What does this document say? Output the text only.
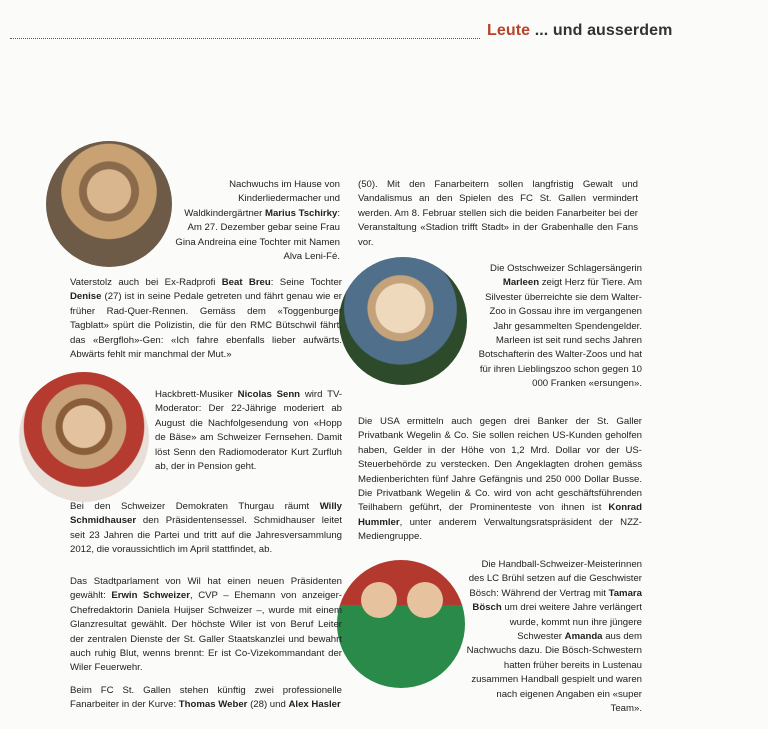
Leute ... und ausserdem
Nachwuchs im Hause von Kinderliedermacher und Waldkindergärtner Marius Tschirky: Am 27. Dezember gebar seine Frau Gina Andreina eine Tochter mit Namen Alva Leni-Fé.
Vaterstolz auch bei Ex-Radprofi Beat Breu: Seine Tochter Denise (27) ist in seine Pedale getreten und fährt genau wie er früher Rad-Quer-Rennen. Gemäss dem «Toggenburger Tagblatt» spürt die Polizistin, die für den RMC Bütschwil fährt, das «Bergfloh»-Gen: «Ich fahre ebenfalls lieber aufwärts. Abwärts fehlt mir manchmal der Mut.»
Hackbrett-Musiker Nicolas Senn wird TV-Moderator: Der 22-Jährige moderiert ab August die Nachfolgesendung von «Hopp de Bäse» am Schweizer Fernsehen. Damit löst Senn den Radiomoderator Kurt Zurfluh ab, der in Pension geht.
Bei den Schweizer Demokraten Thurgau räumt Willy Schmidhauser den Präsidentensessel. Schmidhauser leitet seit 23 Jahren die Partei und tritt auf die Jahresversammlung 2012, die voraussichtlich im April stattfindet, ab.
Das Stadtparlament von Wil hat einen neuen Präsidenten gewählt: Erwin Schweizer, CVP – Ehemann von anzeiger-Chefredaktorin Daniela Huijser Schweizer –, wurde mit einem Glanzresultat gewählt. Der höchste Wiler ist von Beruf Leiter der zentralen Dienste der St. Galler Staatskanzlei und bewahrt auch ruhig Blut, wenns brennt: Er ist Co-Vizekommandant der Wiler Feuerwehr.
Beim FC St. Gallen stehen künftig zwei professionelle Fanarbeiter in der Kurve: Thomas Weber (28) und Alex Hasler
(50). Mit den Fanarbeitern sollen langfristig Gewalt und Vandalismus an den Spielen des FC St. Gallen vermindert werden. Am 8. Februar stellen sich die beiden Fanarbeiter bei der Veranstaltung «Stadion trifft Stadt» in der Grabenhalle den Fans vor.
Die Ostschweizer Schlagersängerin Marleen zeigt Herz für Tiere. Am Silvester überreichte sie dem Walter-Zoo in Gossau ihre im vergangenen Jahr gesammelten Spendengelder. Marleen ist seit rund sechs Jahren Botschafterin des Walter-Zoos und hat für ihren Lieblingszoo schon gegen 10 000 Franken «ersungen».
Die USA ermitteln auch gegen drei Banker der St. Galler Privatbank Wegelin & Co. Sie sollen reichen US-Kunden geholfen haben, Gelder in der Höhe von 1,2 Mrd. Dollar vor der US-Steuerbehörde zu verstecken. Den Angeklagten drohen gemäss Medienberichten fünf Jahre Gefängnis und 250 000 Dollar Busse. Die Privatbank Wegelin & Co. wird von acht geschäftsführenden Teilhabern geführt, der Prominenteste von ihnen ist Konrad Hummler, unter anderem Verwaltungsratspräsident der NZZ-Mediengruppe.
Die Handball-Schweizer-Meisterinnen des LC Brühl setzen auf die Geschwister Bösch: Während der Vertrag mit Tamara Bösch um drei weitere Jahre verlängert wurde, kommt nun ihre jüngere Schwester Amanda aus dem Nachwuchs dazu. Die Bösch-Schwestern hatten früher bereits in Lustenau zusammen Handball gespielt und waren nach eigenen Angaben ein «super Team».
